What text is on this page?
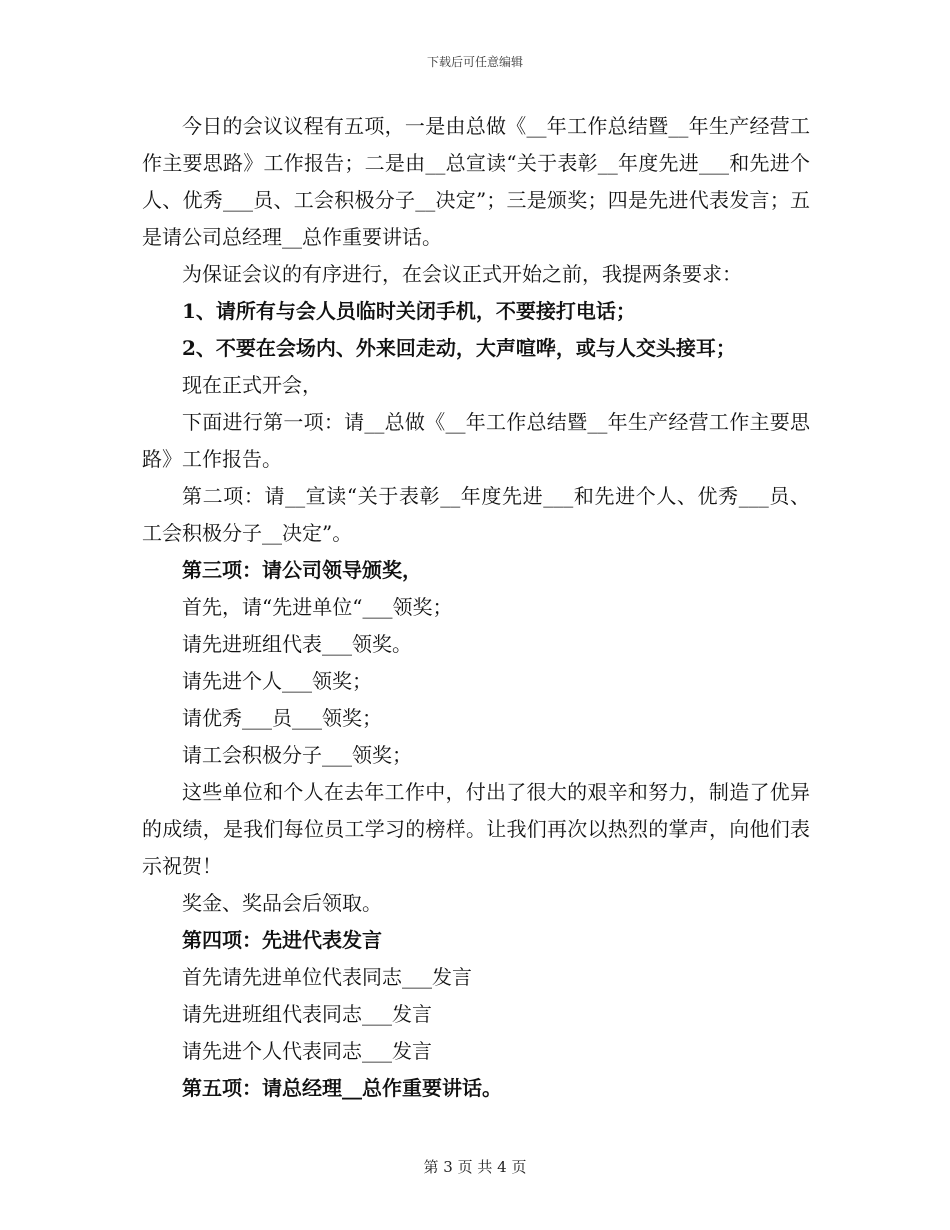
下载后可任意编辑

今日的会议议程有五项，一是由总做《__年工作总结暨__年生产经营工作主要思路》工作报告；二是由__总宣读“关于表彰__年度先进___和先进个人、优秀___员、工会积极分子__决定”；三是颁奖；四是先进代表发言；五是请公司总经理__总作重要讲话。

为保证会议的有序进行，在会议正式开始之前，我提两条要求：

1、请所有与会人员临时关闭手机，不要接打电话；

2、不要在会场内、外来回走动，大声喧哗，或与人交头接耳；

现在正式开会，

下面进行第一项：请__总做《__年工作总结暨__年生产经营工作主要思路》工作报告。

第二项：请__宣读“关于表彰__年度先进___和先进个人、优秀___员、工会积极分子__决定”。

第三项：请公司领导颁奖，

首先，请“先进单位“___领奖；

请先进班组代表___领奖。

请先进个人___领奖；

请优秀___员___领奖；

请工会积极分子___领奖；

这些单位和个人在去年工作中，付出了很大的艰辛和努力，制造了优异的成绩，是我们每位员工学习的榜样。让我们再次以热烈的掌声，向他们表示祝贺！

奖金、奖品会后领取。

第四项：先进代表发言

首先请先进单位代表同志___发言

请先进班组代表同志___发言

请先进个人代表同志___发言

第五项：请总经理__总作重要讲话。

第 3 页 共 4 页
